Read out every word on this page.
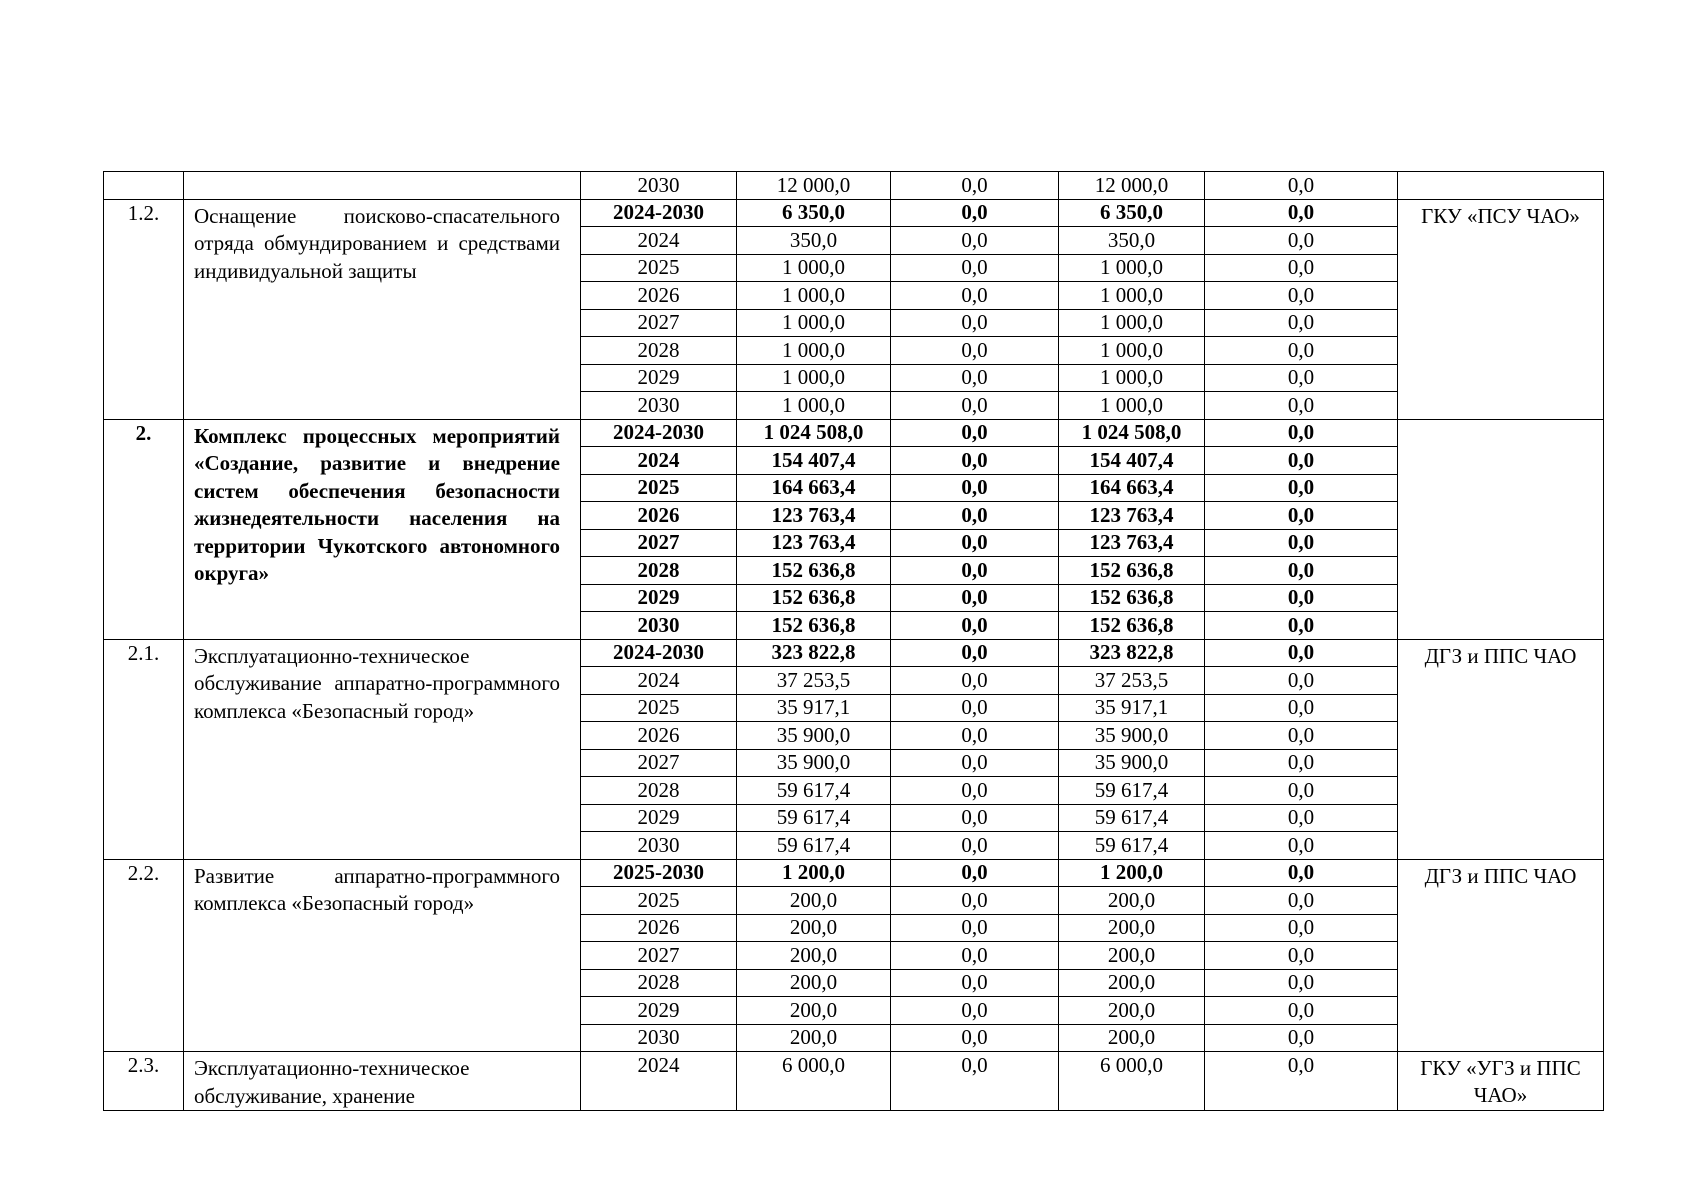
		2030	12 000,0	0,0	12 000,0	0,0	
1.2.	Оснащение поисково-спасательного отряда обмундированием и средствами индивидуальной защиты	2024-2030	6 350,0	0,0	6 350,0	0,0	ГКУ «ПСУ ЧАО»
		2024	350,0	0,0	350,0	0,0	
		2025	1 000,0	0,0	1 000,0	0,0	
		2026	1 000,0	0,0	1 000,0	0,0	
		2027	1 000,0	0,0	1 000,0	0,0	
		2028	1 000,0	0,0	1 000,0	0,0	
		2029	1 000,0	0,0	1 000,0	0,0	
		2030	1 000,0	0,0	1 000,0	0,0	
2.	Комплекс процессных мероприятий «Создание, развитие и внедрение систем обеспечения безопасности жизнедеятельности населения на территории Чукотского автономного округа»	2024-2030	1 024 508,0	0,0	1 024 508,0	0,0	
		2024	154 407,4	0,0	154 407,4	0,0	
		2025	164 663,4	0,0	164 663,4	0,0	
		2026	123 763,4	0,0	123 763,4	0,0	
		2027	123 763,4	0,0	123 763,4	0,0	
		2028	152 636,8	0,0	152 636,8	0,0	
		2029	152 636,8	0,0	152 636,8	0,0	
		2030	152 636,8	0,0	152 636,8	0,0	
2.1.	Эксплуатационно-техническое обслуживание аппаратно-программного комплекса «Безопасный город»	2024-2030	323 822,8	0,0	323 822,8	0,0	ДГЗ и ППС ЧАО
		2024	37 253,5	0,0	37 253,5	0,0	
		2025	35 917,1	0,0	35 917,1	0,0	
		2026	35 900,0	0,0	35 900,0	0,0	
		2027	35 900,0	0,0	35 900,0	0,0	
		2028	59 617,4	0,0	59 617,4	0,0	
		2029	59 617,4	0,0	59 617,4	0,0	
		2030	59 617,4	0,0	59 617,4	0,0	
2.2.	Развитие аппаратно-программного комплекса «Безопасный город»	2025-2030	1 200,0	0,0	1 200,0	0,0	ДГЗ и ППС ЧАО
		2025	200,0	0,0	200,0	0,0	
		2026	200,0	0,0	200,0	0,0	
		2027	200,0	0,0	200,0	0,0	
		2028	200,0	0,0	200,0	0,0	
		2029	200,0	0,0	200,0	0,0	
		2030	200,0	0,0	200,0	0,0	
2.3.	Эксплуатационно-техническое обслуживание, хранение	2024	6 000,0	0,0	6 000,0	0,0	ГКУ «УГЗ и ППС ЧАО»
